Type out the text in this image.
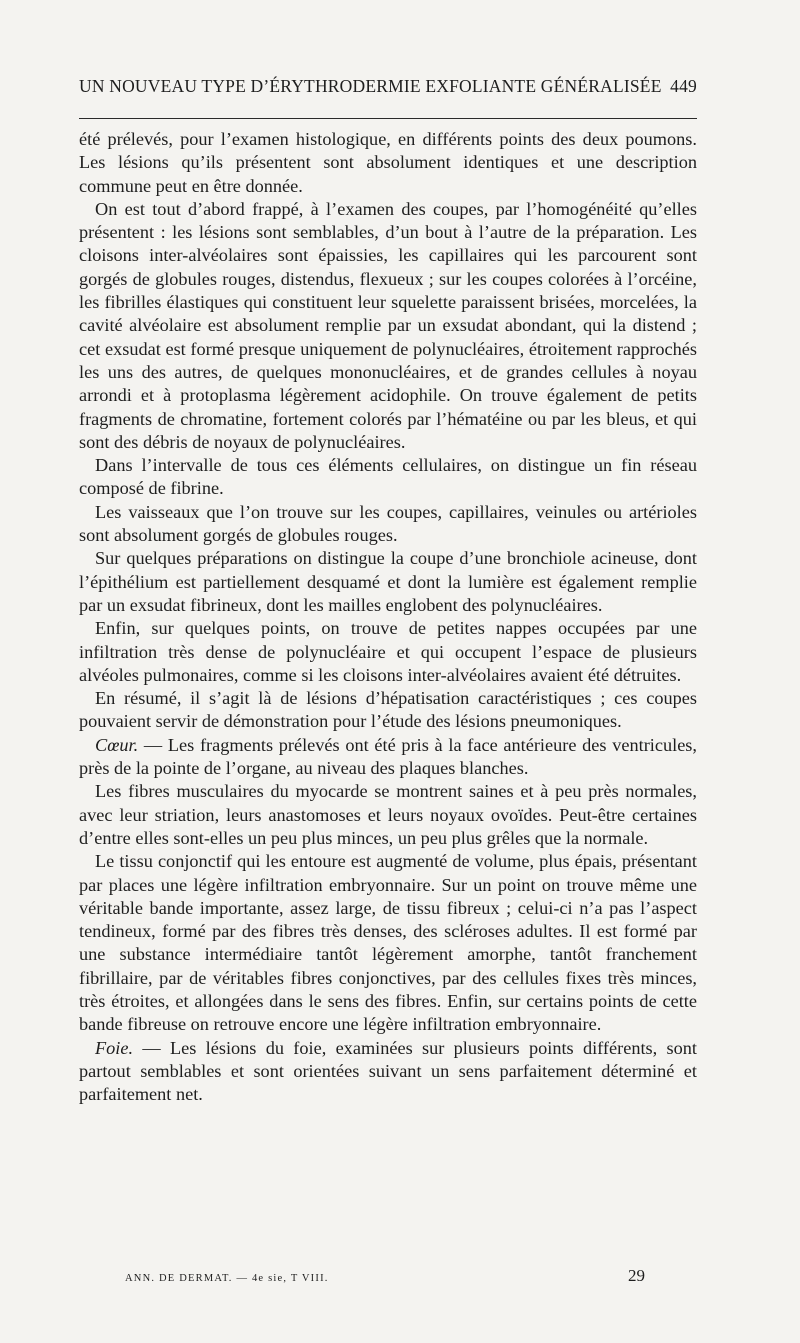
UN NOUVEAU TYPE D’ÉRYTHRODERMIE EXFOLIANTE GÉNÉRALISÉE 449

été prélevés, pour l’examen histologique, en différents points des deux poumons. Les lésions qu’ils présentent sont absolument identiques et une description commune peut en être donnée.

On est tout d’abord frappé, à l’examen des coupes, par l’homogénéité qu’elles présentent : les lésions sont semblables, d’un bout à l’autre de la préparation. Les cloisons inter-alvéolaires sont épaissies, les capillaires qui les parcourent sont gorgés de globules rouges, distendus, flexueux ; sur les coupes colorées à l’orcéine, les fibrilles élastiques qui constituent leur squelette paraissent brisées, morcelées, la cavité alvéolaire est absolument remplie par un exsudat abondant, qui la distend ; cet exsudat est formé presque uniquement de polynucléaires, étroitement rapprochés les uns des autres, de quelques mononucléaires, et de grandes cellules à noyau arrondi et à protoplasma légèrement acidophile. On trouve également de petits fragments de chromatine, fortement colorés par l’hématéine ou par les bleus, et qui sont des débris de noyaux de polynucléaires.

Dans l’intervalle de tous ces éléments cellulaires, on distingue un fin réseau composé de fibrine.

Les vaisseaux que l’on trouve sur les coupes, capillaires, veinules ou artérioles sont absolument gorgés de globules rouges.

Sur quelques préparations on distingue la coupe d’une bronchiole acineuse, dont l’épithélium est partiellement desquamé et dont la lumière est également remplie par un exsudat fibrineux, dont les mailles englobent des polynucléaires.

Enfin, sur quelques points, on trouve de petites nappes occupées par une infiltration très dense de polynucléaire et qui occupent l’espace de plusieurs alvéoles pulmonaires, comme si les cloisons inter-alvéolaires avaient été détruites.

En résumé, il s’agit là de lésions d’hépatisation caractéristiques ; ces coupes pouvaient servir de démonstration pour l’étude des lésions pneumoniques.

Cœur. — Les fragments prélevés ont été pris à la face antérieure des ventricules, près de la pointe de l’organe, au niveau des plaques blanches.

Les fibres musculaires du myocarde se montrent saines et à peu près normales, avec leur striation, leurs anastomoses et leurs noyaux ovoïdes. Peut-être certaines d’entre elles sont-elles un peu plus minces, un peu plus grêles que la normale.

Le tissu conjonctif qui les entoure est augmenté de volume, plus épais, présentant par places une légère infiltration embryonnaire. Sur un point on trouve même une véritable bande importante, assez large, de tissu fibreux ; celui-ci n’a pas l’aspect tendineux, formé par des fibres très denses, des scléroses adultes. Il est formé par une substance intermédiaire tantôt légèrement amorphe, tantôt franchement fibrillaire, par de véritables fibres conjonctives, par des cellules fixes très minces, très étroites, et allongées dans le sens des fibres. Enfin, sur certains points de cette bande fibreuse on retrouve encore une légère infiltration embryonnaire.

Foie. — Les lésions du foie, examinées sur plusieurs points différents, sont partout semblables et sont orientées suivant un sens parfaitement déterminé et parfaitement net.

ANN. DE DERMAT. — 4e sie, T VIII.	29
